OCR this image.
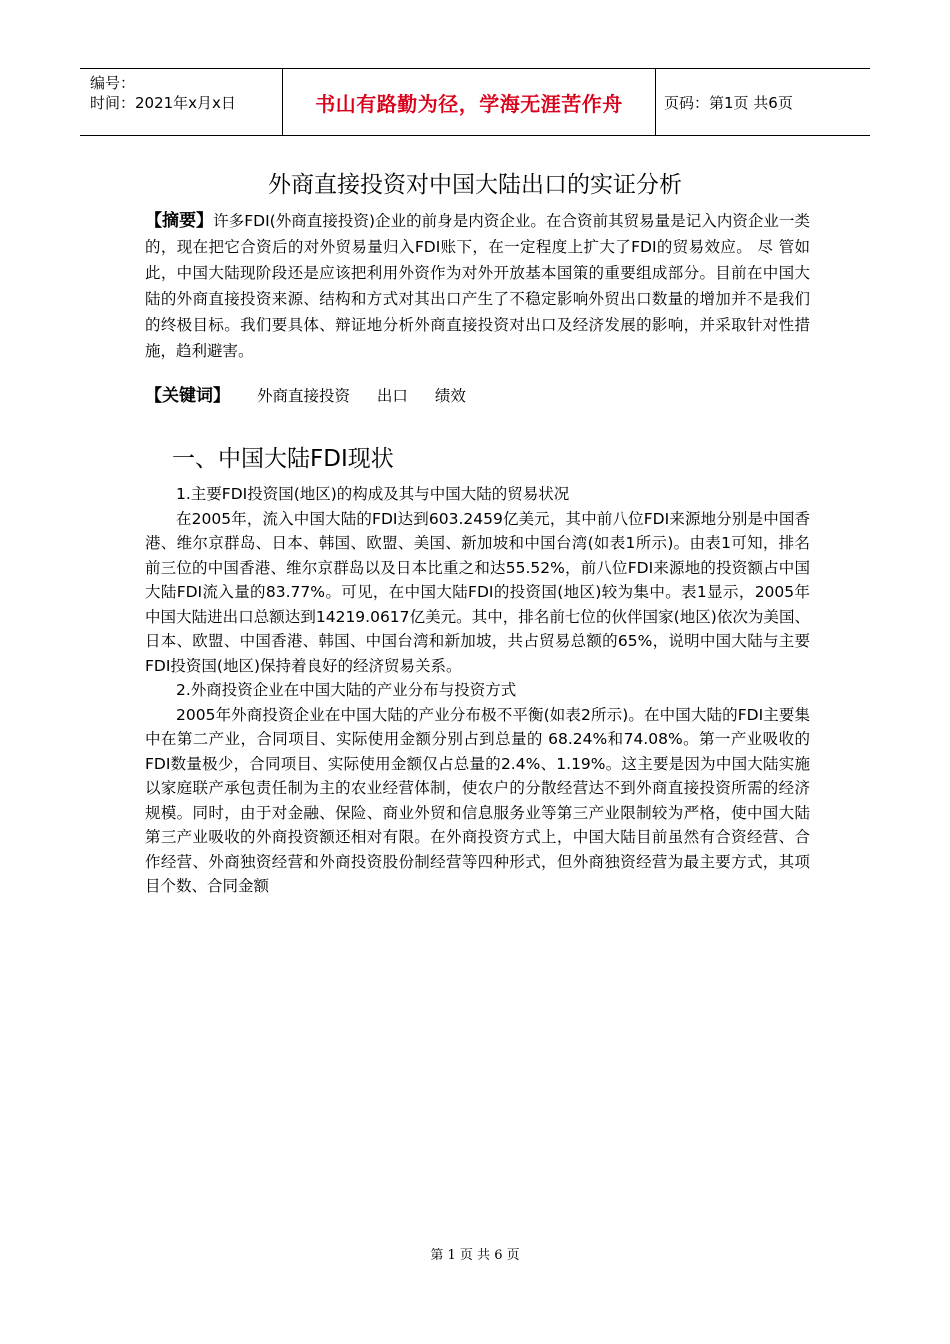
编号：
时间：2021年x月x日	书山有路勤为径，学海无涯苦作舟	页码：第1页 共6页
外商直接投资对中国大陆出口的实证分析
【摘要】许多FDI(外商直接投资)企业的前身是内资企业。在合资前其贸易量是记入内资企业一类的，现在把它合资后的对外贸易量归入FDI账下，在一定程度上扩大了FDI的贸易效应。 尽 管如此，中国大陆现阶段还是应该把利用外资作为对外开放基本国策的重要组成部分。目前在中国大陆的外商直接投资来源、结构和方式对其出口产生了不稳定影响外贸出口数量的增加并不是我们的终极目标。我们要具体、辩证地分析外商直接投资对出口及经济发展的影响，并采取针对性措施，趋利避害。
【关键词】 外商直接投资 出口 绩效
一、中国大陆FDI现状

1.主要FDI投资国(地区)的构成及其与中国大陆的贸易状况

在2005年，流入中国大陆的FDI达到603.2459亿美元，其中前八位FDI来源地分别是中国香港、维尔京群岛、日本、韩国、欧盟、美国、新加坡和中国台湾(如表1所示)。由表1可知，排名前三位的中国香港、维尔京群岛以及日本比重之和达55.52%，前八位FDI来源地的投资额占中国大陆FDI流入量的83.77%。可见，在中国大陆FDI的投资国(地区)较为集中。表1显示，2005年中国大陆进出口总额达到14219.0617亿美元。其中，排名前七位的伙伴国家(地区)依次为美国、日本、欧盟、中国香港、韩国、中国台湾和新加坡，共占贸易总额的65%，说明中国大陆与主要FDI投资国(地区)保持着良好的经济贸易关系。

2.外商投资企业在中国大陆的产业分布与投资方式

2005年外商投资企业在中国大陆的产业分布极不平衡(如表2所示)。在中国大陆的FDI主要集中在第二产业，合同项目、实际使用金额分别占到总量的 68.24%和74.08%。第一产业吸收的FDI数量极少，合同项目、实际使用金额仅占总量的2.4%、1.19%。这主要是因为中国大陆实施以家庭联产承包责任制为主的农业经营体制，使农户的分散经营达不到外商直接投资所需的经济规模。同时，由于对金融、保险、商业外贸和信息服务业等第三产业限制较为严格，使中国大陆第三产业吸收的外商投资额还相对有限。在外商投资方式上，中国大陆目前虽然有合资经营、合作经营、外商独资经营和外商投资股份制经营等四种形式，但外商独资经营为最主要方式，其项目个数、合同金额

第 1 页 共 6 页
